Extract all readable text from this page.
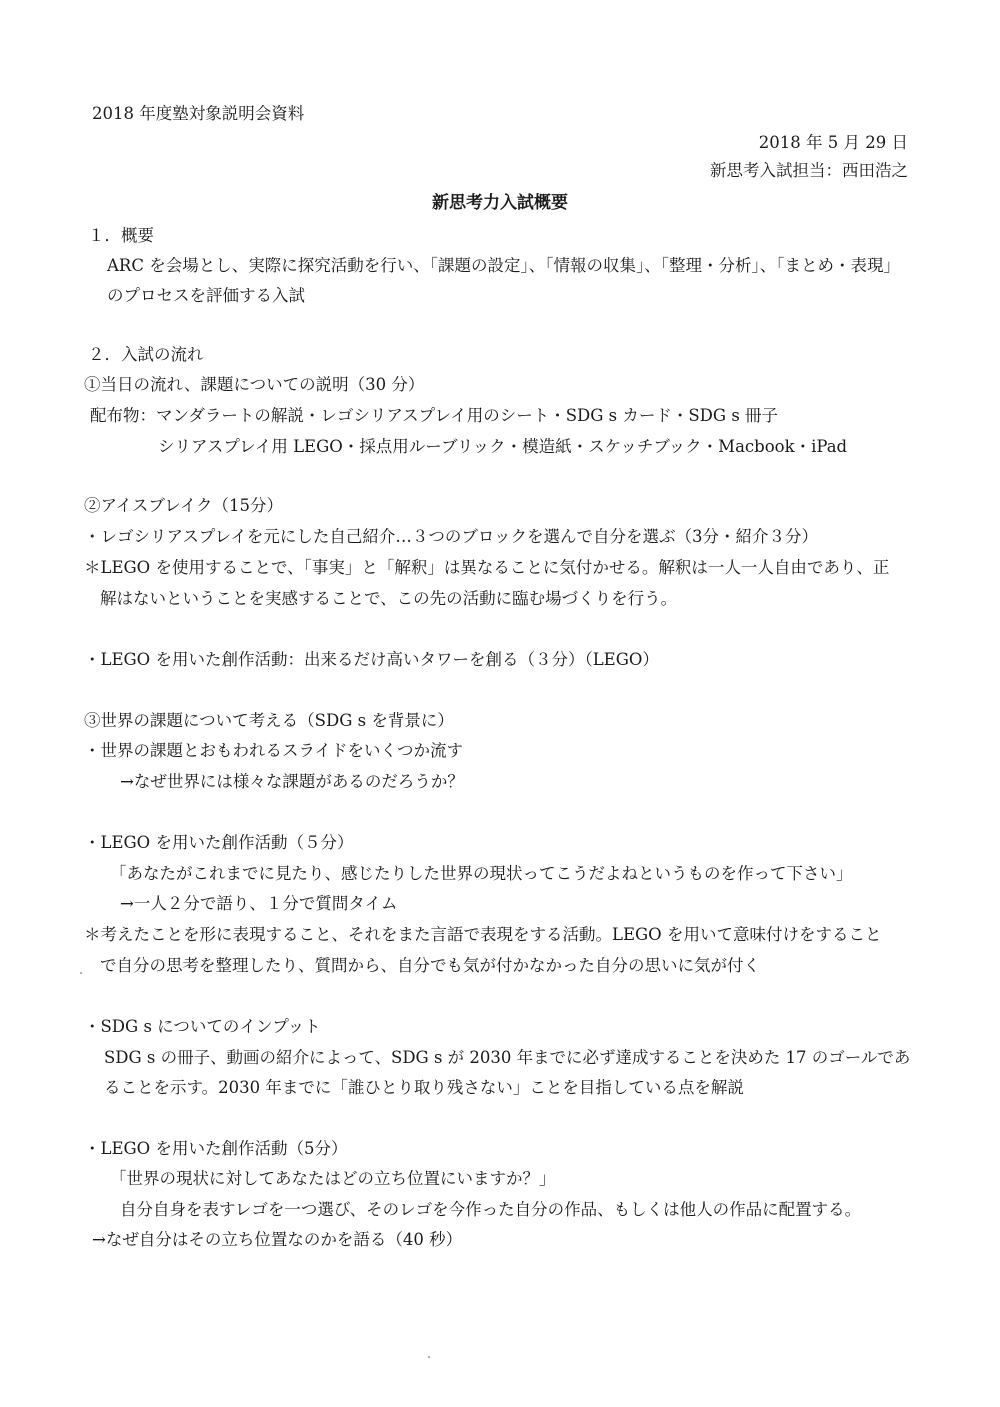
2018 年度塾対象説明会資料
2018 年 5 月 29 日
新思考入試担当：西田浩之
新思考力入試概要
１．概要
ARC を会場とし、実際に探究活動を行い、「課題の設定」、「情報の収集」、「整理・分析」、「まとめ・表現」
のプロセスを評価する入試
２．入試の流れ
①当日の流れ、課題についての説明（30 分）
配布物：マンダラートの解説・レゴシリアスプレイ用のシート・SDG s カード・SDG s 冊子
シリアスプレイ用 LEGO・採点用ルーブリック・模造紙・スケッチブック・Macbook・iPad
②アイスブレイク（15分）
・レゴシリアスプレイを元にした自己紹介…３つのブロックを選んで自分を選ぶ（3分・紹介３分）
＊LEGO を使用することで、「事実」と「解釈」は異なることに気付かせる。解釈は一人一人自由であり、正
解はないということを実感することで、この先の活動に臨む場づくりを行う。
・LEGO を用いた創作活動：出来るだけ高いタワーを創る（３分）（LEGO）
③世界の課題について考える（SDG s を背景に）
・世界の課題とおもわれるスライドをいくつか流す
→なぜ世界には様々な課題があるのだろうか？
・LEGO を用いた創作活動（５分）
「あなたがこれまでに見たり、感じたりした世界の現状ってこうだよねというものを作って下さい」
→一人２分で語り、１分で質問タイム
＊考えたことを形に表現すること、それをまた言語で表現をする活動。LEGO を用いて意味付けをすること
で自分の思考を整理したり、質問から、自分でも気が付かなかった自分の思いに気が付く
・SDG s についてのインプット
SDG s の冊子、動画の紹介によって、SDG s が 2030 年までに必ず達成することを決めた 17 のゴールであ
ることを示す。2030 年までに「誰ひとり取り残さない」ことを目指している点を解説
・LEGO を用いた創作活動（5分）
「世界の現状に対してあなたはどの立ち位置にいますか？」
自分自身を表すレゴを一つ選び、そのレゴを今作った自分の作品、もしくは他人の作品に配置する。
→なぜ自分はその立ち位置なのかを語る（40 秒）
